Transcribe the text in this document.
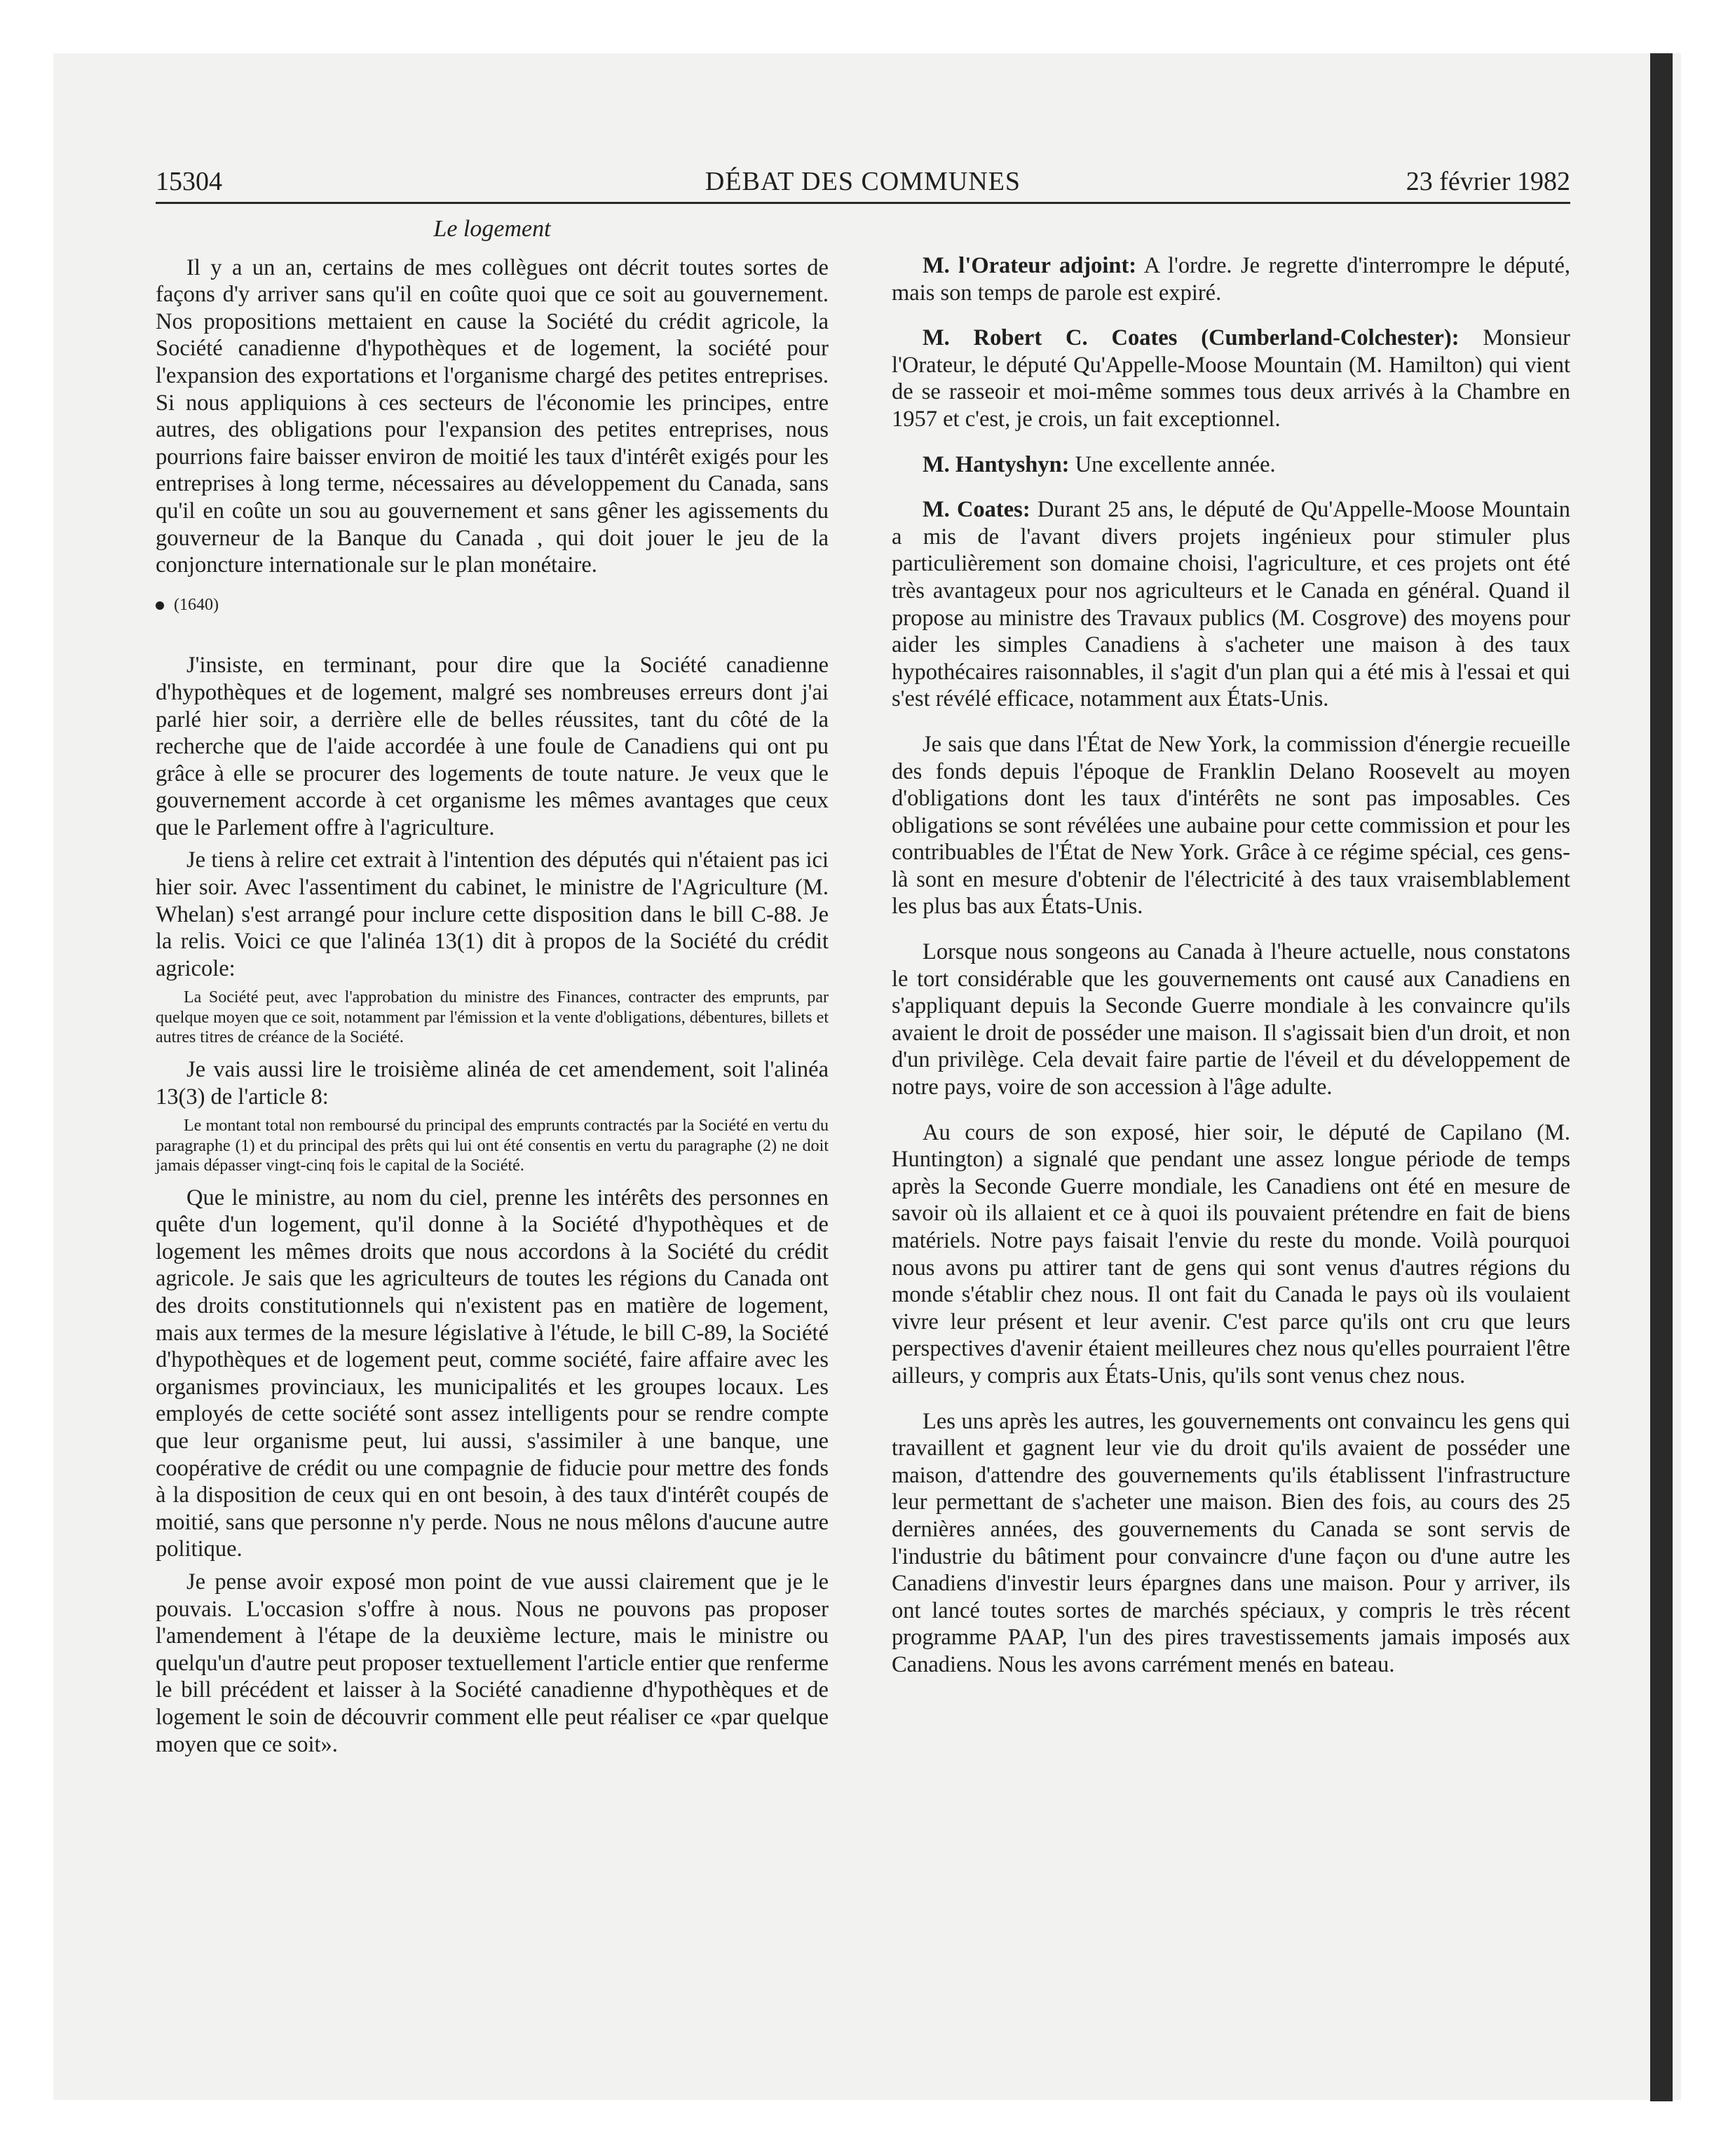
15304	DÉBAT DES COMMUNES	23 février 1982
Le logement

Il y a un an, certains de mes collègues ont décrit toutes sortes de façons d'y arriver sans qu'il en coûte quoi que ce soit au gouvernement. Nos propositions mettaient en cause la Société du crédit agricole, la Société canadienne d'hypothèques et de logement, la société pour l'expansion des exportations et l'organisme chargé des petites entreprises. Si nous appliquions à ces secteurs de l'économie les principes, entre autres, des obligations pour l'expansion des petites entreprises, nous pourrions faire baisser environ de moitié les taux d'intérêt exigés pour les entreprises à long terme, nécessaires au développement du Canada, sans qu'il en coûte un sou au gouvernement et sans gêner les agissements du gouverneur de la Banque du Canada , qui doit jouer le jeu de la conjoncture internationale sur le plan monétaire.

(1640)

J'insiste, en terminant, pour dire que la Société canadienne d'hypothèques et de logement, malgré ses nombreuses erreurs dont j'ai parlé hier soir, a derrière elle de belles réussites, tant du côté de la recherche que de l'aide accordée à une foule de Canadiens qui ont pu grâce à elle se procurer des logements de toute nature. Je veux que le gouvernement accorde à cet organisme les mêmes avantages que ceux que le Parlement offre à l'agriculture.

Je tiens à relire cet extrait à l'intention des députés qui n'étaient pas ici hier soir. Avec l'assentiment du cabinet, le ministre de l'Agriculture (M. Whelan) s'est arrangé pour inclure cette disposition dans le bill C-88. Je la relis. Voici ce que l'alinéa 13(1) dit à propos de la Société du crédit agricole:

La Société peut, avec l'approbation du ministre des Finances, contracter des emprunts, par quelque moyen que ce soit, notamment par l'émission et la vente d'obligations, débentures, billets et autres titres de créance de la Société.

Je vais aussi lire le troisième alinéa de cet amendement, soit l'alinéa 13(3) de l'article 8:

Le montant total non remboursé du principal des emprunts contractés par la Société en vertu du paragraphe (1) et du principal des prêts qui lui ont été consentis en vertu du paragraphe (2) ne doit jamais dépasser vingt-cinq fois le capital de la Société.

Que le ministre, au nom du ciel, prenne les intérêts des personnes en quête d'un logement, qu'il donne à la Société d'hypothèques et de logement les mêmes droits que nous accordons à la Société du crédit agricole. Je sais que les agriculteurs de toutes les régions du Canada ont des droits constitutionnels qui n'existent pas en matière de logement, mais aux termes de la mesure législative à l'étude, le bill C-89, la Société d'hypothèques et de logement peut, comme société, faire affaire avec les organismes provinciaux, les municipalités et les groupes locaux. Les employés de cette société sont assez intelligents pour se rendre compte que leur organisme peut, lui aussi, s'assimiler à une banque, une coopérative de crédit ou une compagnie de fiducie pour mettre des fonds à la disposition de ceux qui en ont besoin, à des taux d'intérêt coupés de moitié, sans que personne n'y perde. Nous ne nous mêlons d'aucune autre politique.

Je pense avoir exposé mon point de vue aussi clairement que je le pouvais. L'occasion s'offre à nous. Nous ne pouvons pas proposer l'amendement à l'étape de la deuxième lecture, mais le ministre ou quelqu'un d'autre peut proposer textuellement l'article entier que renferme le bill précédent et laisser à la Société canadienne d'hypothèques et de logement le soin de découvrir comment elle peut réaliser ce «par quelque moyen que ce soit».

M. l'Orateur adjoint: A l'ordre. Je regrette d'interrompre le député, mais son temps de parole est expiré.

M. Robert C. Coates (Cumberland-Colchester): Monsieur l'Orateur, le député Qu'Appelle-Moose Mountain (M. Hamilton) qui vient de se rasseoir et moi-même sommes tous deux arrivés à la Chambre en 1957 et c'est, je crois, un fait exceptionnel.

M. Hantyshyn: Une excellente année.

M. Coates: Durant 25 ans, le député de Qu'Appelle-Moose Mountain a mis de l'avant divers projets ingénieux pour stimuler plus particulièrement son domaine choisi, l'agriculture, et ces projets ont été très avantageux pour nos agriculteurs et le Canada en général. Quand il propose au ministre des Travaux publics (M. Cosgrove) des moyens pour aider les simples Canadiens à s'acheter une maison à des taux hypothécaires raisonnables, il s'agit d'un plan qui a été mis à l'essai et qui s'est révélé efficace, notamment aux États-Unis.

Je sais que dans l'État de New York, la commission d'énergie recueille des fonds depuis l'époque de Franklin Delano Roosevelt au moyen d'obligations dont les taux d'intérêts ne sont pas imposables. Ces obligations se sont révélées une aubaine pour cette commission et pour les contribuables de l'État de New York. Grâce à ce régime spécial, ces gens-là sont en mesure d'obtenir de l'électricité à des taux vraisemblablement les plus bas aux États-Unis.

Lorsque nous songeons au Canada à l'heure actuelle, nous constatons le tort considérable que les gouvernements ont causé aux Canadiens en s'appliquant depuis la Seconde Guerre mondiale à les convaincre qu'ils avaient le droit de posséder une maison. Il s'agissait bien d'un droit, et non d'un privilège. Cela devait faire partie de l'éveil et du développement de notre pays, voire de son accession à l'âge adulte.

Au cours de son exposé, hier soir, le député de Capilano (M. Huntington) a signalé que pendant une assez longue période de temps après la Seconde Guerre mondiale, les Canadiens ont été en mesure de savoir où ils allaient et ce à quoi ils pouvaient prétendre en fait de biens matériels. Notre pays faisait l'envie du reste du monde. Voilà pourquoi nous avons pu attirer tant de gens qui sont venus d'autres régions du monde s'établir chez nous. Il ont fait du Canada le pays où ils voulaient vivre leur présent et leur avenir. C'est parce qu'ils ont cru que leurs perspectives d'avenir étaient meilleures chez nous qu'elles pourraient l'être ailleurs, y compris aux États-Unis, qu'ils sont venus chez nous.

Les uns après les autres, les gouvernements ont convaincu les gens qui travaillent et gagnent leur vie du droit qu'ils avaient de posséder une maison, d'attendre des gouvernements qu'ils établissent l'infrastructure leur permettant de s'acheter une maison. Bien des fois, au cours des 25 dernières années, des gouvernements du Canada se sont servis de l'industrie du bâtiment pour convaincre d'une façon ou d'une autre les Canadiens d'investir leurs épargnes dans une maison. Pour y arriver, ils ont lancé toutes sortes de marchés spéciaux, y compris le très récent programme PAAP, l'un des pires travestissements jamais imposés aux Canadiens. Nous les avons carrément menés en bateau.
